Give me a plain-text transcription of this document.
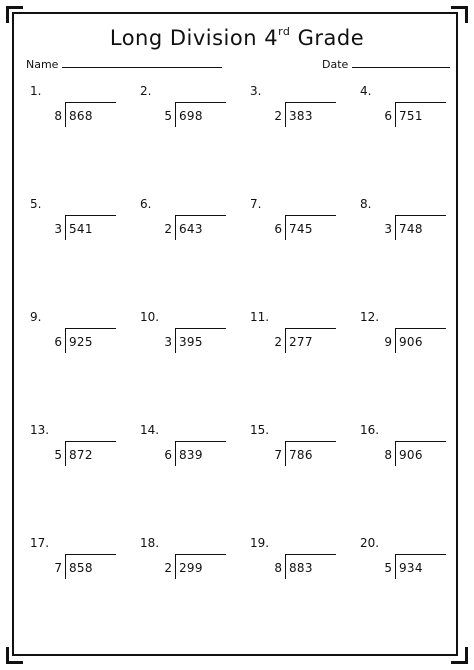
Long Division 4rd Grade
Name	Date
1.
8 868
2.
5 698
3.
2 383
4.
6 751
5.
3 541
6.
2 643
7.
6 745
8.
3 748
9.
6 925
10.
3 395
11.
2 277
12.
9 906
13.
5 872
14.
6 839
15.
7 786
16.
8 906
17.
7 858
18.
2 299
19.
8 883
20.
5 934
